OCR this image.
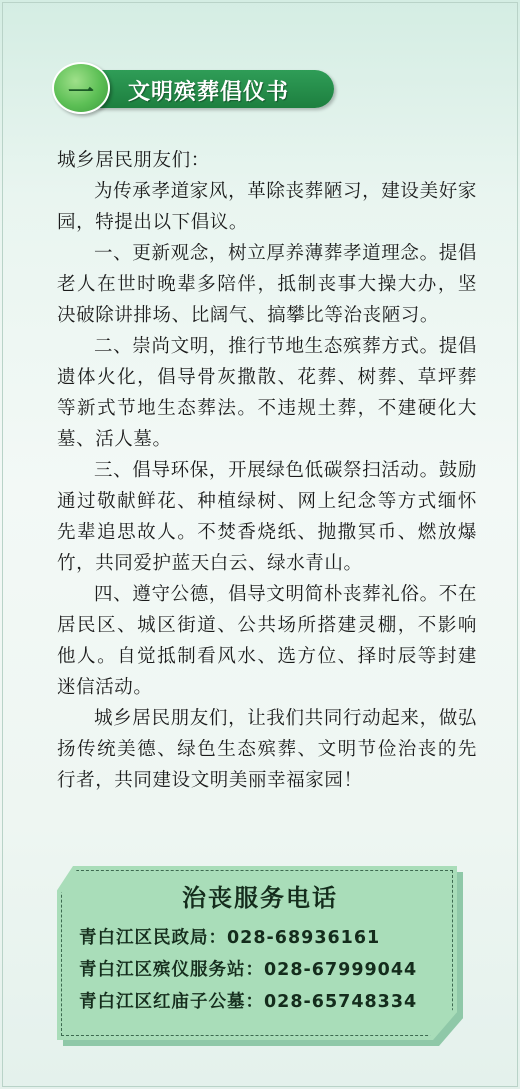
文明殡葬倡仪书
一

城乡居民朋友们：

为传承孝道家风，革除丧葬陋习，建设美好家园，特提出以下倡议。

一、更新观念，树立厚养薄葬孝道理念。提倡老人在世时晚辈多陪伴，抵制丧事大操大办，坚决破除讲排场、比阔气、搞攀比等治丧陋习。

二、崇尚文明，推行节地生态殡葬方式。提倡遗体火化，倡导骨灰撒散、花葬、树葬、草坪葬等新式节地生态葬法。不违规土葬，不建硬化大墓、活人墓。

三、倡导环保，开展绿色低碳祭扫活动。鼓励通过敬献鲜花、种植绿树、网上纪念等方式缅怀先辈追思故人。不焚香烧纸、抛撒冥币、燃放爆竹，共同爱护蓝天白云、绿水青山。

四、遵守公德，倡导文明简朴丧葬礼俗。不在居民区、城区街道、公共场所搭建灵棚，不影响他人。自觉抵制看风水、选方位、择时辰等封建迷信活动。

城乡居民朋友们，让我们共同行动起来，做弘扬传统美德、绿色生态殡葬、文明节俭治丧的先行者，共同建设文明美丽幸福家园！

治丧服务电话
青白江区民政局：028-68936161
青白江区殡仪服务站：028-67999044
青白江区红庙子公墓：028-65748334
